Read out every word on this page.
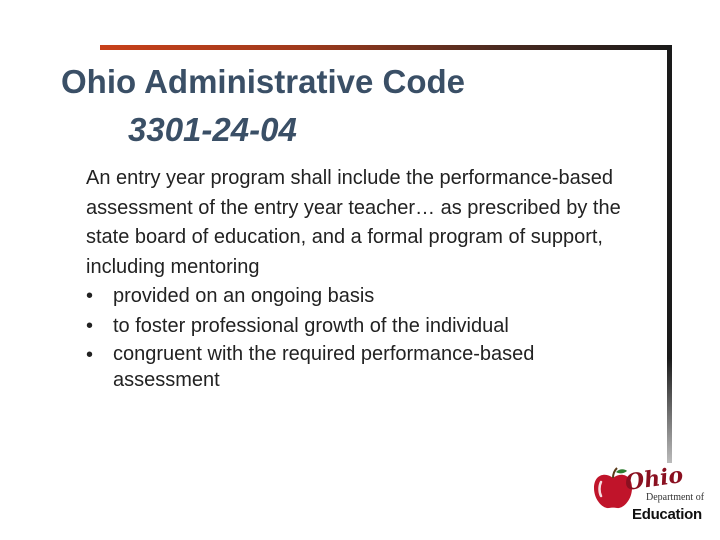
Ohio Administrative Code
3301-24-04

An entry year program shall include the performance-based assessment of the entry year teacher… as prescribed by the state board of education, and a formal program of support, including mentoring

• provided on an ongoing basis
• to foster professional growth of the individual
• congruent with the required performance-based assessment
Ohio
Department of
Education
